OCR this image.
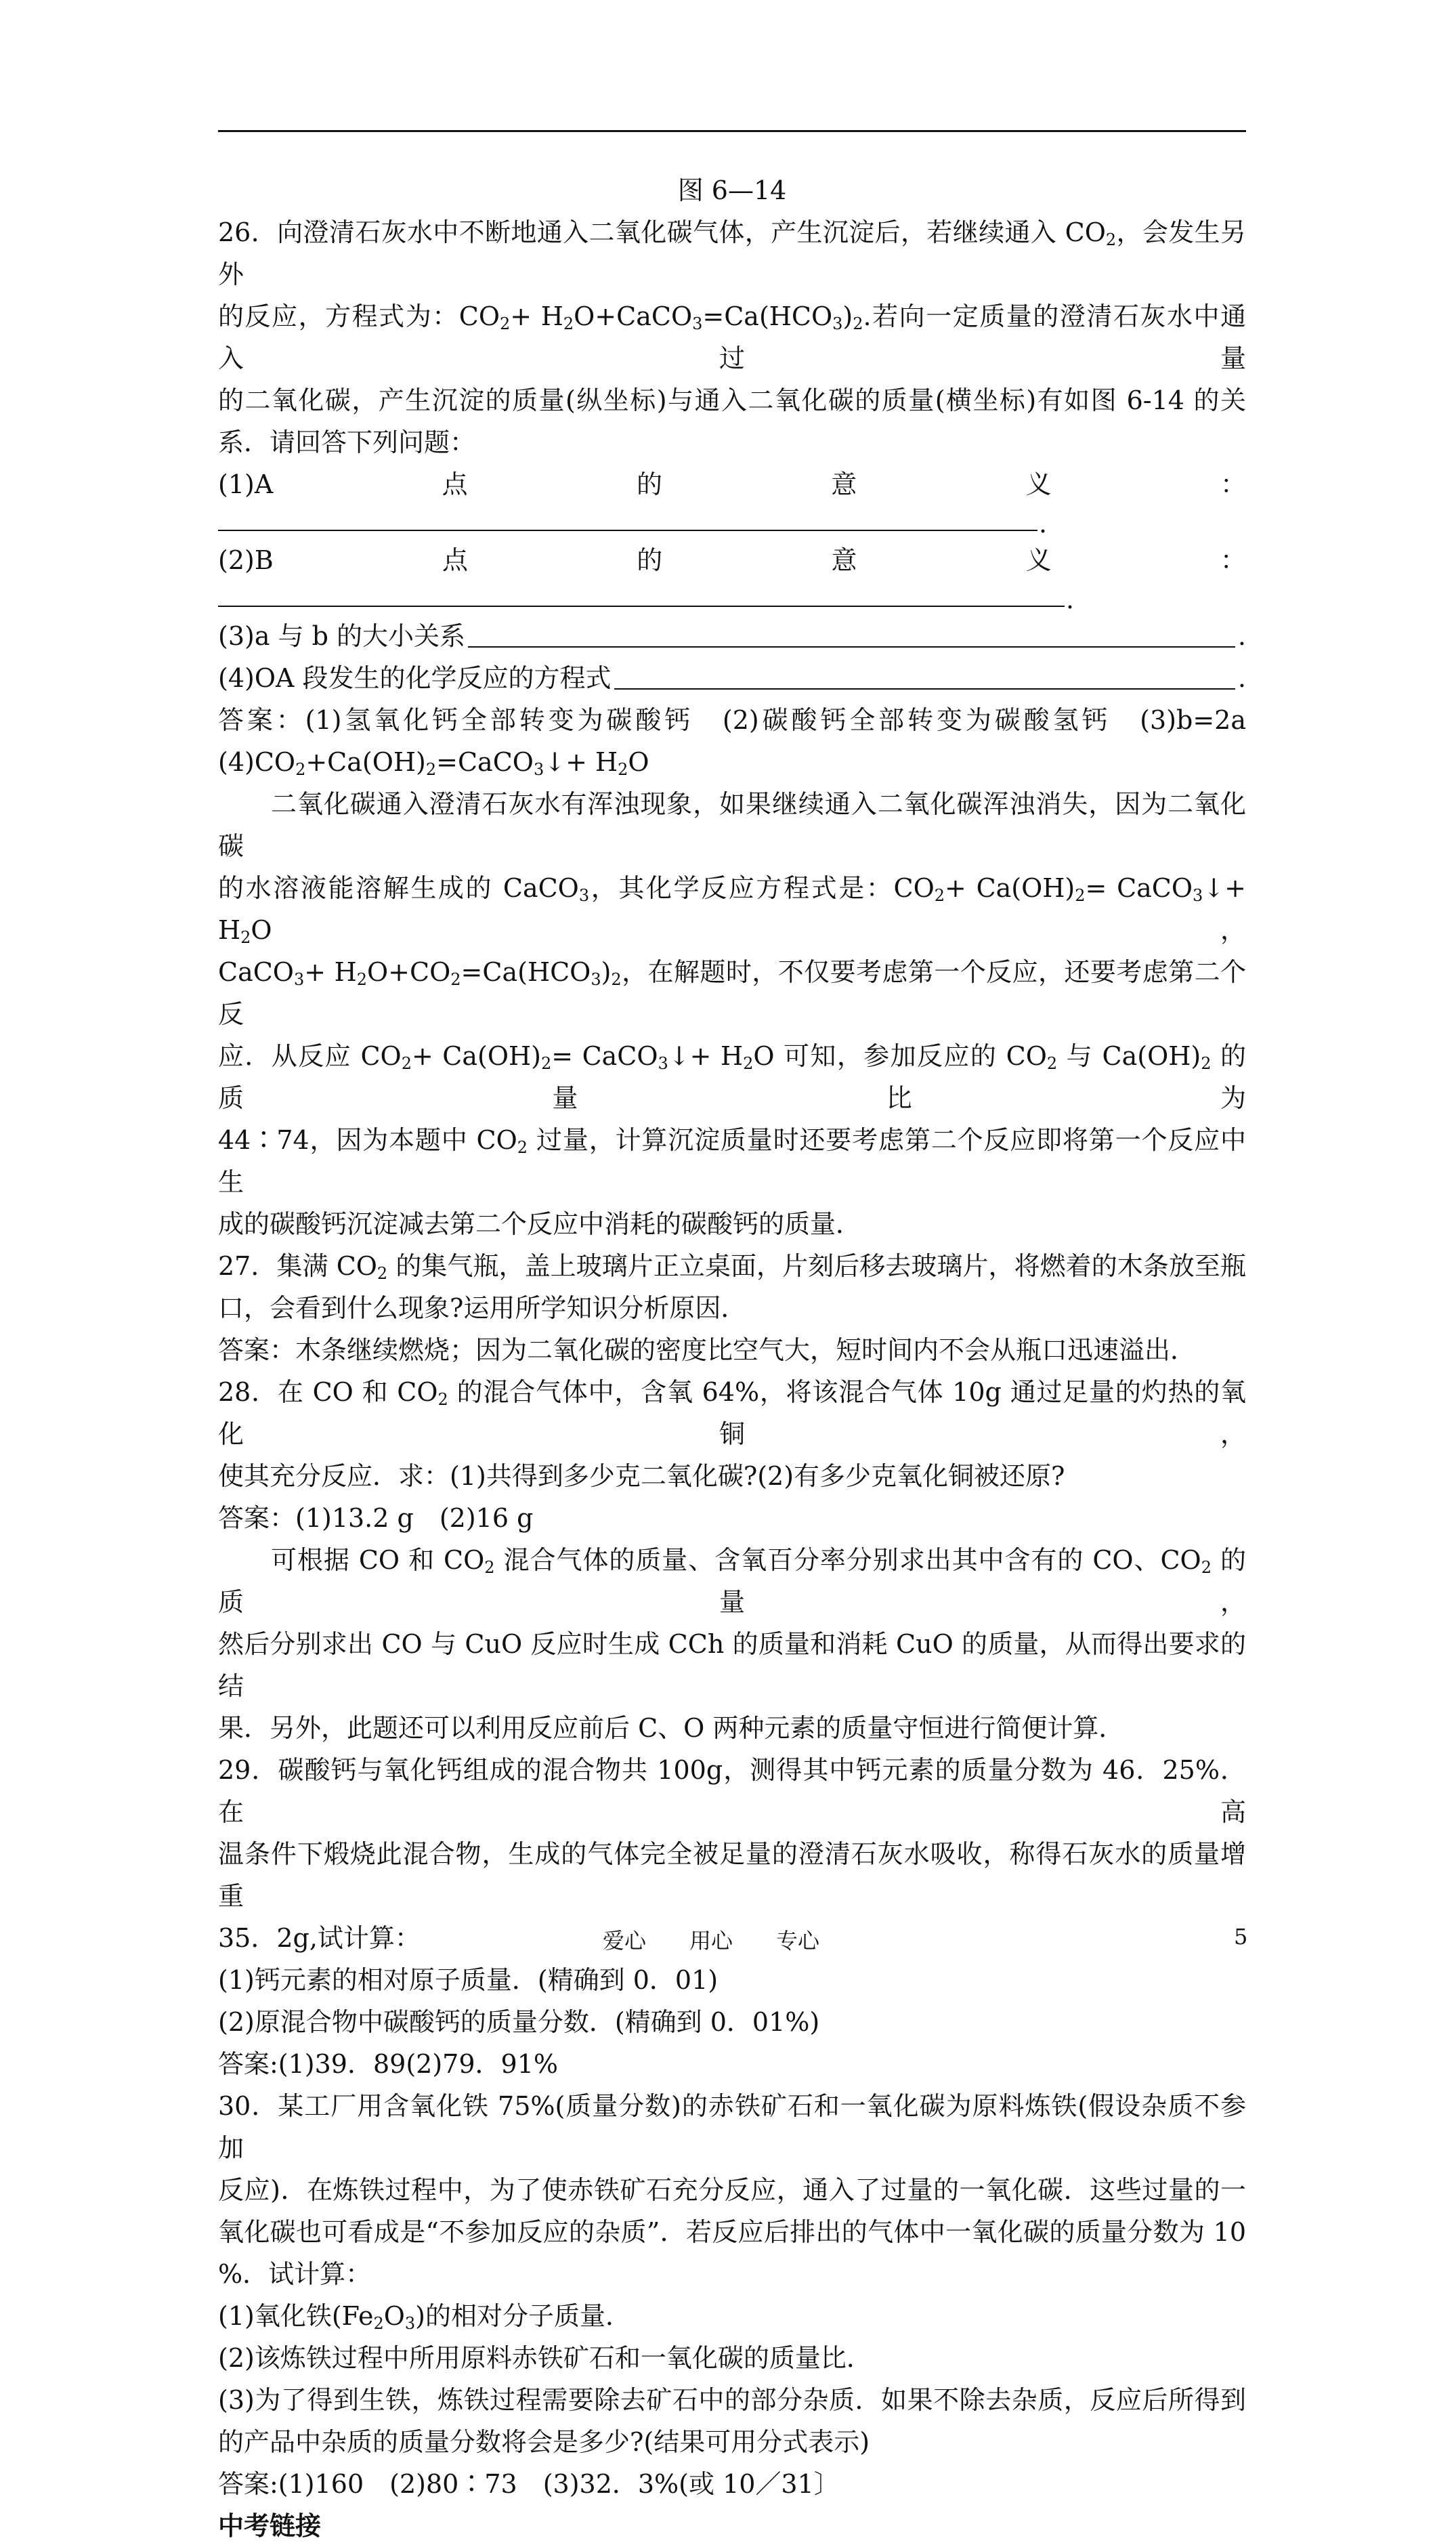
图 6—14
26．向澄清石灰水中不断地通入二氧化碳气体，产生沉淀后，若继续通入 $CO_2$，会发生另外
的反应，方程式为：$CO_2+$ $H_2O+CaCO_3=Ca(HCO_3)_2$.若向一定质量的澄清石灰水中通入过量
的二氧化碳，产生沉淀的质量(纵坐标)与通入二氧化碳的质量(横坐标)有如图 6-14 的关
系．请回答下列问题：
(1)A	点	的	意	义	：
.
(2)B	点	的	意	义	：
.
(3)a 与 b 的大小关系	.
(4)OA 段发生的化学反应的方程式	.
答案：(1)氢氧化钙全部转变为碳酸钙　(2)碳酸钙全部转变为碳酸氢钙　(3)b=2a
$(4)CO_2+Ca(OH)_2=CaCO_3↓+ H_2O$
二氧化碳通入澄清石灰水有浑浊现象，如果继续通入二氧化碳浑浊消失，因为二氧化碳
的水溶液能溶解生成的 CaCO$_3$，其化学反应方程式是：$CO_2+ Ca(OH)_2=$ CaCO$_3$↓+ $H_2O$，
CaCO$_3$+ $H_2O+CO_2=Ca(HCO_3)_2$，在解题时，不仅要考虑第一个反应，还要考虑第二个反
应．从反应 $CO_2+ Ca(OH)_2=$ CaCO$_3$↓+ $H_2O$ 可知，参加反应的 $CO_2$ 与 $Ca(OH)_2$ 的质量比为
44∶74，因为本题中 $CO_2$ 过量，计算沉淀质量时还要考虑第二个反应即将第一个反应中生
成的碳酸钙沉淀减去第二个反应中消耗的碳酸钙的质量．
27．集满 $CO_2$ 的集气瓶，盖上玻璃片正立桌面，片刻后移去玻璃片，将燃着的木条放至瓶
口，会看到什么现象?运用所学知识分析原因．
答案：木条继续燃烧；因为二氧化碳的密度比空气大，短时间内不会从瓶口迅速溢出．
28．在 CO 和 $CO_2$ 的混合气体中，含氧 64%，将该混合气体 10g 通过足量的灼热的氧化铜，
使其充分反应．求：(1)共得到多少克二氧化碳?(2)有多少克氧化铜被还原?
答案：(1)13.2 g　(2)16 g
可根据 CO 和 $CO_2$ 混合气体的质量、含氧百分率分别求出其中含有的 CO、$CO_2$ 的质量，
然后分别求出 CO 与 CuO 反应时生成 CCh 的质量和消耗 CuO 的质量，从而得出要求的结
果．另外，此题还可以利用反应前后 C、O 两种元素的质量守恒进行简便计算．
29．碳酸钙与氧化钙组成的混合物共 100g，测得其中钙元素的质量分数为 46．25%．在高
温条件下煅烧此混合物，生成的气体完全被足量的澄清石灰水吸收，称得石灰水的质量增重
35．2g,试计算：
(1)钙元素的相对原子质量．(精确到 0．01)
(2)原混合物中碳酸钙的质量分数．(精确到 0．01%)
答案:(1)39．89(2)79．91%
30．某工厂用含氧化铁 75%(质量分数)的赤铁矿石和一氧化碳为原料炼铁(假设杂质不参加
反应)．在炼铁过程中，为了使赤铁矿石充分反应，通入了过量的一氧化碳．这些过量的一
氧化碳也可看成是“不参加反应的杂质”．若反应后排出的气体中一氧化碳的质量分数为 10
%．试计算：
(1)氧化铁$(Fe_2O_3)$的相对分子质量．
(2)该炼铁过程中所用原料赤铁矿石和一氧化碳的质量比．
(3)为了得到生铁，炼铁过程需要除去矿石中的部分杂质．如果不除去杂质，反应后所得到
的产品中杂质的质量分数将会是多少?(结果可用分式表示)
答案:(1)160　(2)80∶73　(3)32．3%(或 10／31〕
中考链接
爱心　　用心　　专心	5
